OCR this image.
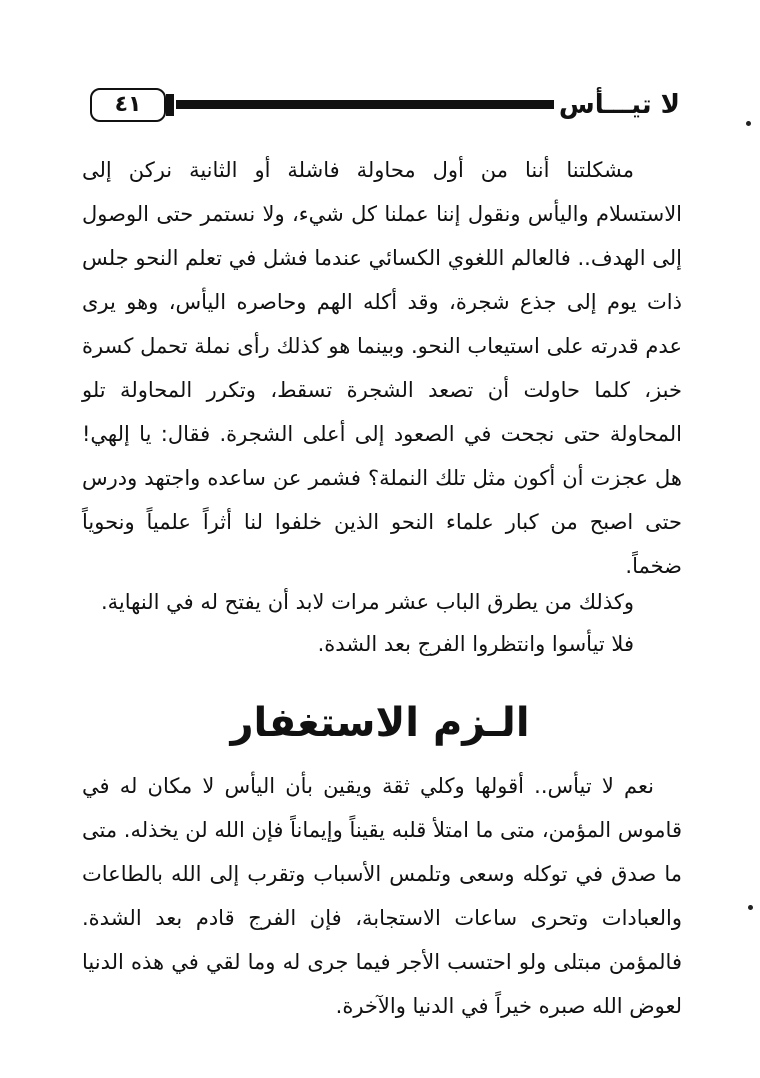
لا تيـــأس
٤١

مشكلتنا أننا من أول محاولة فاشلة أو الثانية نركن إلى الاستسلام واليأس ونقول إننا عملنا كل شيء، ولا نستمر حتى الوصول إلى الهدف.. فالعالم اللغوي الكسائي عندما فشل في تعلم النحو جلس ذات يوم إلى جذع شجرة، وقد أكله الهم وحاصره اليأس، وهو يرى عدم قدرته على استيعاب النحو. وبينما هو كذلك رأى نملة تحمل كسرة خبز، كلما حاولت أن تصعد الشجرة تسقط، وتكرر المحاولة تلو المحاولة حتى نجحت في الصعود إلى أعلى الشجرة. فقال: يا إلهي! هل عجزت أن أكون مثل تلك النملة؟ فشمر عن ساعده واجتهد ودرس حتى اصبح من كبار علماء النحو الذين خلفوا لنا أثراً علمياً ونحوياً ضخماً.

وكذلك من يطرق الباب عشر مرات لابد أن يفتح له في النهاية.

فلا تيأسوا وانتظروا الفرج بعد الشدة.

الـزم الاستغفار

نعم لا تيأس.. أقولها وكلي ثقة ويقين بأن اليأس لا مكان له في قاموس المؤمن، متى ما امتلأ قلبه يقيناً وإيماناً فإن الله لن يخذله. متى ما صدق في توكله وسعى وتلمس الأسباب وتقرب إلى الله بالطاعات والعبادات وتحرى ساعات الاستجابة، فإن الفرج قادم بعد الشدة. فالمؤمن مبتلى ولو احتسب الأجر فيما جرى له وما لقي في هذه الدنيا لعوض الله صبره خيراً في الدنيا والآخرة.
